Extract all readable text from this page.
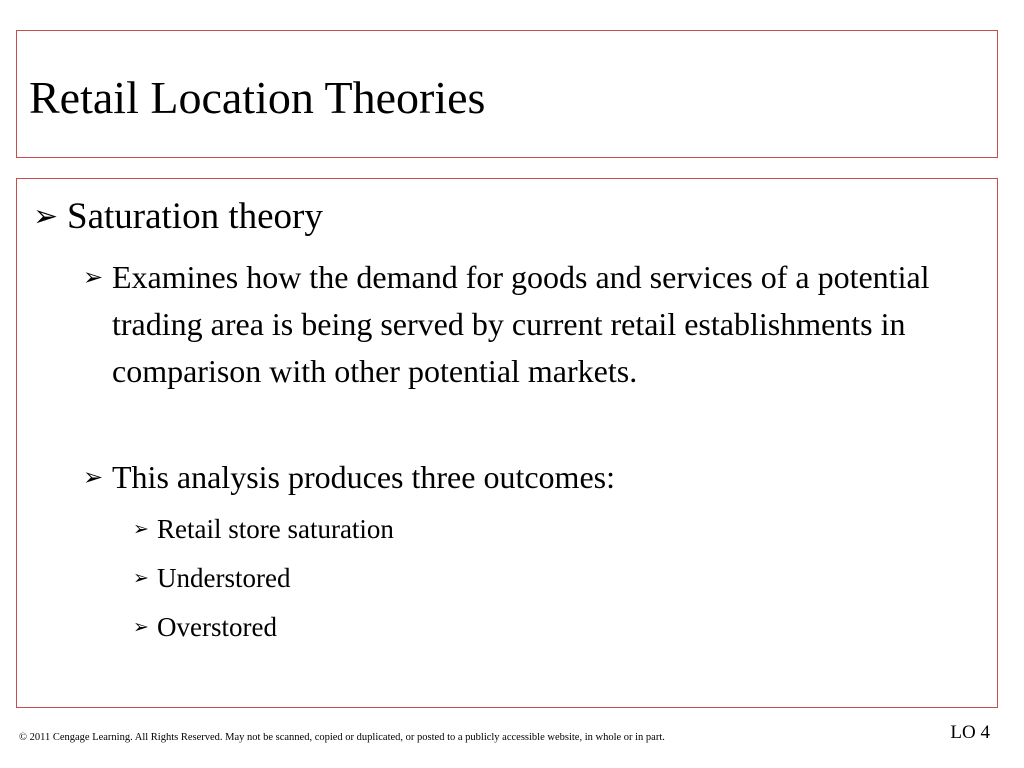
Retail Location Theories
➢ Saturation theory
➢ Examines how the demand for goods and services of a potential trading area is being served by current retail establishments in comparison with other potential markets.
➢ This analysis produces three outcomes:
➢ Retail store saturation
➢ Understored
➢ Overstored
© 2011 Cengage Learning. All Rights Reserved. May not be scanned, copied or duplicated, or posted to a publicly accessible website, in whole or in part.	LO 4
